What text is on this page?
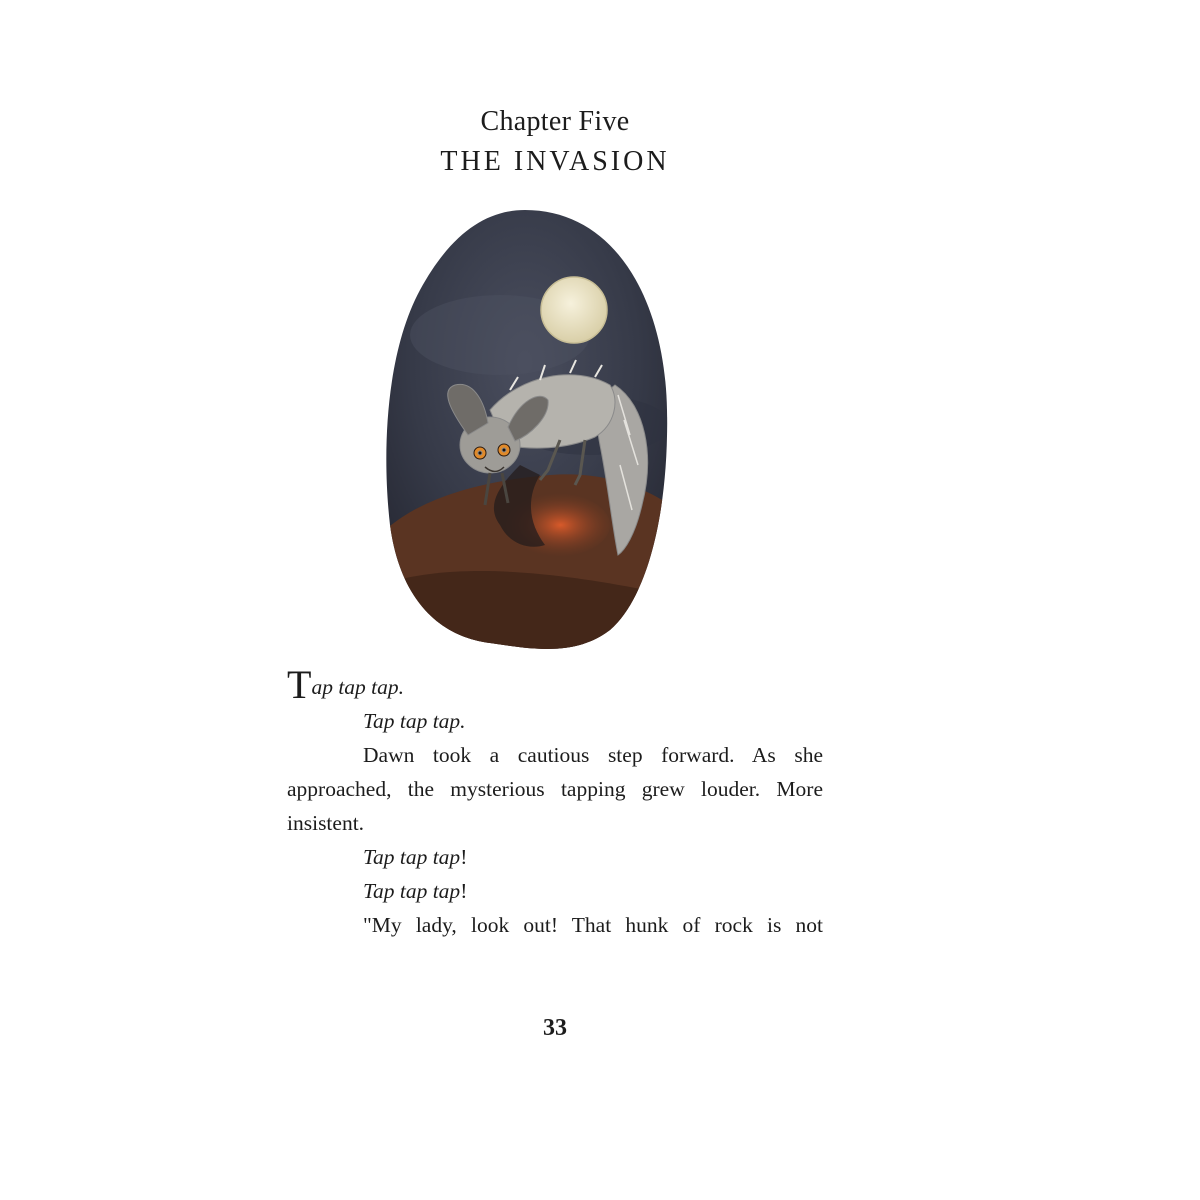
Chapter Five
THE INVASION
Tap tap tap.
Tap tap tap.
Dawn took a cautious step forward. As she
approached, the mysterious tapping grew louder. More
insistent.
Tap tap tap!
Tap tap tap!
"My lady, look out! That hunk of rock is not
33
